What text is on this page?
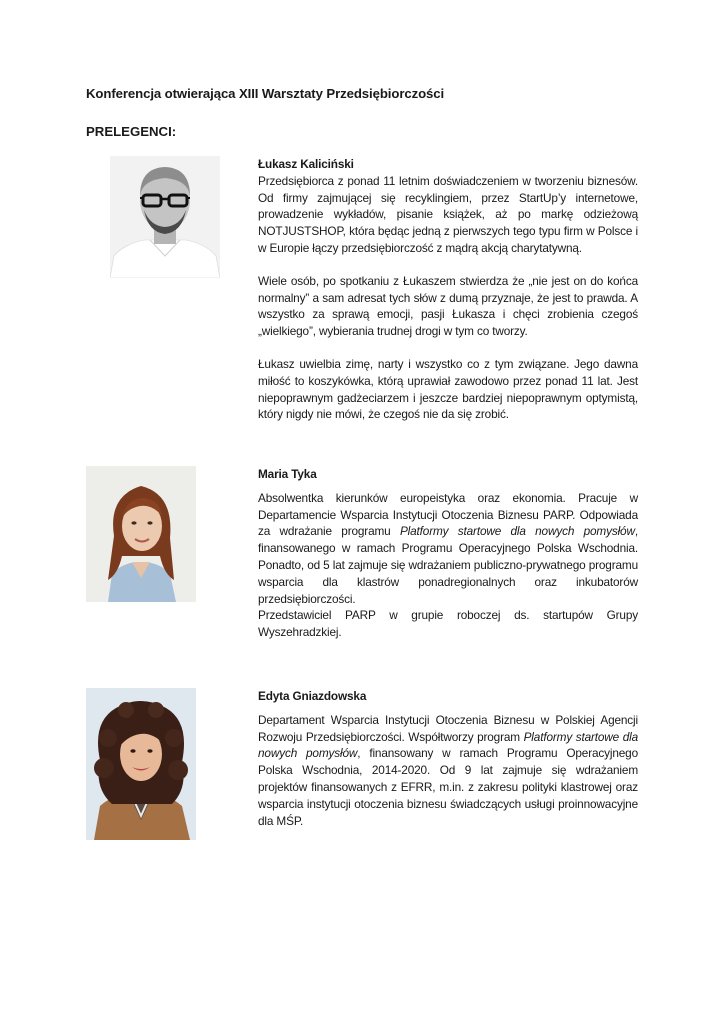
Konferencja otwierająca XIII Warsztaty Przedsiębiorczości
PRELEGENCI:

Łukasz Kaliciński

Przedsiębiorca z ponad 11 letnim doświadczeniem w tworzeniu biznesów. Od firmy zajmującej się recyklingiem, przez StartUp’y internetowe, prowadzenie wykładów, pisanie książek, aż po markę odzieżową NOTJUSTSHOP, która będąc jedną z pierwszych tego typu firm w Polsce i w Europie łączy przedsiębiorczość z mądrą akcją charytatywną.

Wiele osób, po spotkaniu z Łukaszem stwierdza że „nie jest on do końca normalny” a sam adresat tych słów z dumą przyznaje, że jest to prawda. A wszystko za sprawą emocji, pasji Łukasza i chęci zrobienia czegoś „wielkiego”, wybierania trudnej drogi w tym co tworzy.

Łukasz uwielbia zimę, narty i wszystko co z tym związane. Jego dawna miłość to koszykówka, którą uprawiał zawodowo przez ponad 11 lat. Jest niepoprawnym gadżeciarzem i jeszcze bardziej niepoprawnym optymistą, który nigdy nie mówi, że czegoś nie da się zrobić.

Maria Tyka

Absolwentka kierunków europeistyka oraz ekonomia. Pracuje w Departamencie Wsparcia Instytucji Otoczenia Biznesu PARP. Odpowiada za wdrażanie programu Platformy startowe dla nowych pomysłów, finansowanego w ramach Programu Operacyjnego Polska Wschodnia. Ponadto, od 5 lat zajmuje się wdrażaniem publiczno-prywatnego programu wsparcia dla klastrów ponadregionalnych oraz inkubatorów przedsiębiorczości.

Przedstawiciel PARP w grupie roboczej ds. startupów Grupy Wyszehradzkiej.

Edyta Gniazdowska

Departament Wsparcia Instytucji Otoczenia Biznesu w Polskiej Agencji Rozwoju Przedsiębiorczości. Współtworzy program Platformy startowe dla nowych pomysłów, finansowany w ramach Programu Operacyjnego Polska Wschodnia, 2014-2020. Od 9 lat zajmuje się wdrażaniem projektów finansowanych z EFRR, m.in. z zakresu polityki klastrowej oraz wsparcia instytucji otoczenia biznesu świadczących usługi proinnowacyjne dla MŚP.
